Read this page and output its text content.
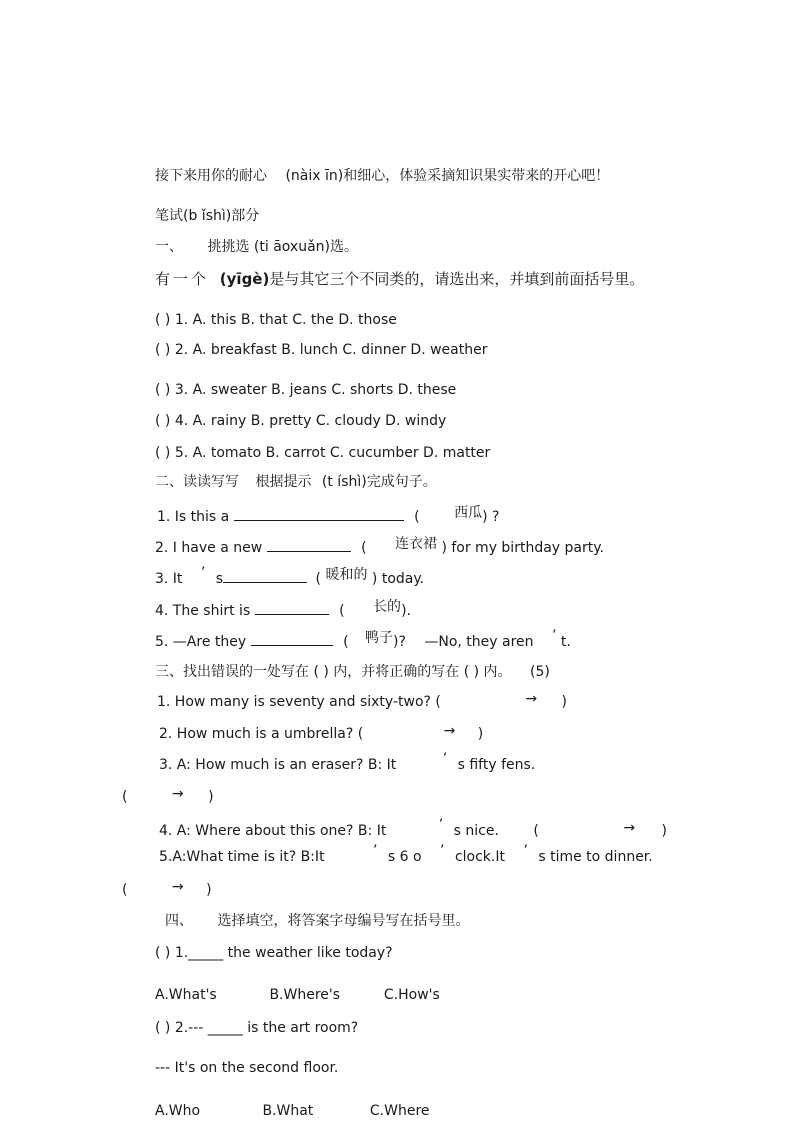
接下来用你的耐心 (nàix īn)和细心，体验采摘知识果实带来的开心吧！
笔试(b ǐshì)部分
一、 挑挑选 (ti āoxuǎn)选。
有一个 (yīgè)是与其它三个不同类的，请选出来，并填到前面括号里。
( ) 1. A. this B. that C. the D. those
( ) 2. A. breakfast B. lunch C. dinner D. weather
( ) 3. A. sweater B. jeans C. shorts D. these
( ) 4. A. rainy B. pretty C. cloudy D. windy
( ) 5. A. tomato B. carrot C. cucumber D. matter
二、读读写写 根据提示 (t íshì)完成句子。
1. Is this a	( 西瓜) ?
2. I have a new	( 连衣裙 ) for my birthday party.
3. It ’ s	( 暖和的 ) today.
4. The shirt is	( 长的).
5. —Are they	( 鸭子)? —No, they aren ’ t.
三、找出错误的一处写在 ( ) 内，并将正确的写在 ( ) 内。 (5)
1. How many is seventy and sixty-two? (	→ )
2. How much is a umbrella? (	→ )
3. A: How much is an eraser? B: It	’ s fifty fens.
(	→ )
4. A: Where about this one? B: It	’ s nice. (	→ )
5.A:What time is it? B:It	’ s 6 o ’ clock.It ’ s time to dinner.
(	→ )
四、 选择填空，将答案字母编号写在括号里。
( ) 1._____ the weather like today?
A.What's	B.Where's	C.How's
( ) 2.--- _____ is the art room?
--- It's on the second floor.
A.Who	B.What	C.Where
